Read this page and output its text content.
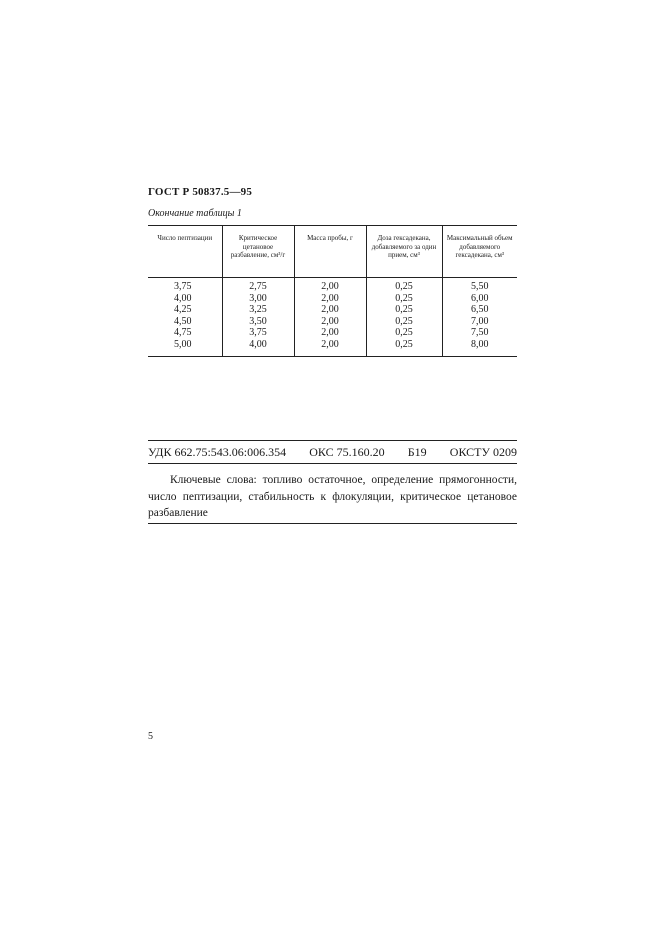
ГОСТ Р 50837.5—95
Окончание таблицы 1
Число пептизации	Критическое цетановое разбавление, см³/г	Масса пробы, г	Доза гексадекана, добавляемого за один прием, см³	Максимальный объем добавляемого гексадекана, см³
3,75	2,75	2,00	0,25	5,50
4,00	3,00	2,00	0,25	6,00
4,25	3,25	2,00	0,25	6,50
4,50	3,50	2,00	0,25	7,00
4,75	3,75	2,00	0,25	7,50
5,00	4,00	2,00	0,25	8,00
УДК 662.75:543.06:006.354 ОКС 75.160.20 Б19 ОКСТУ 0209
Ключевые слова: топливо остаточное, определение прямогонности, число пептизации, стабильность к флокуляции, критическое цетановое разбавление
5
